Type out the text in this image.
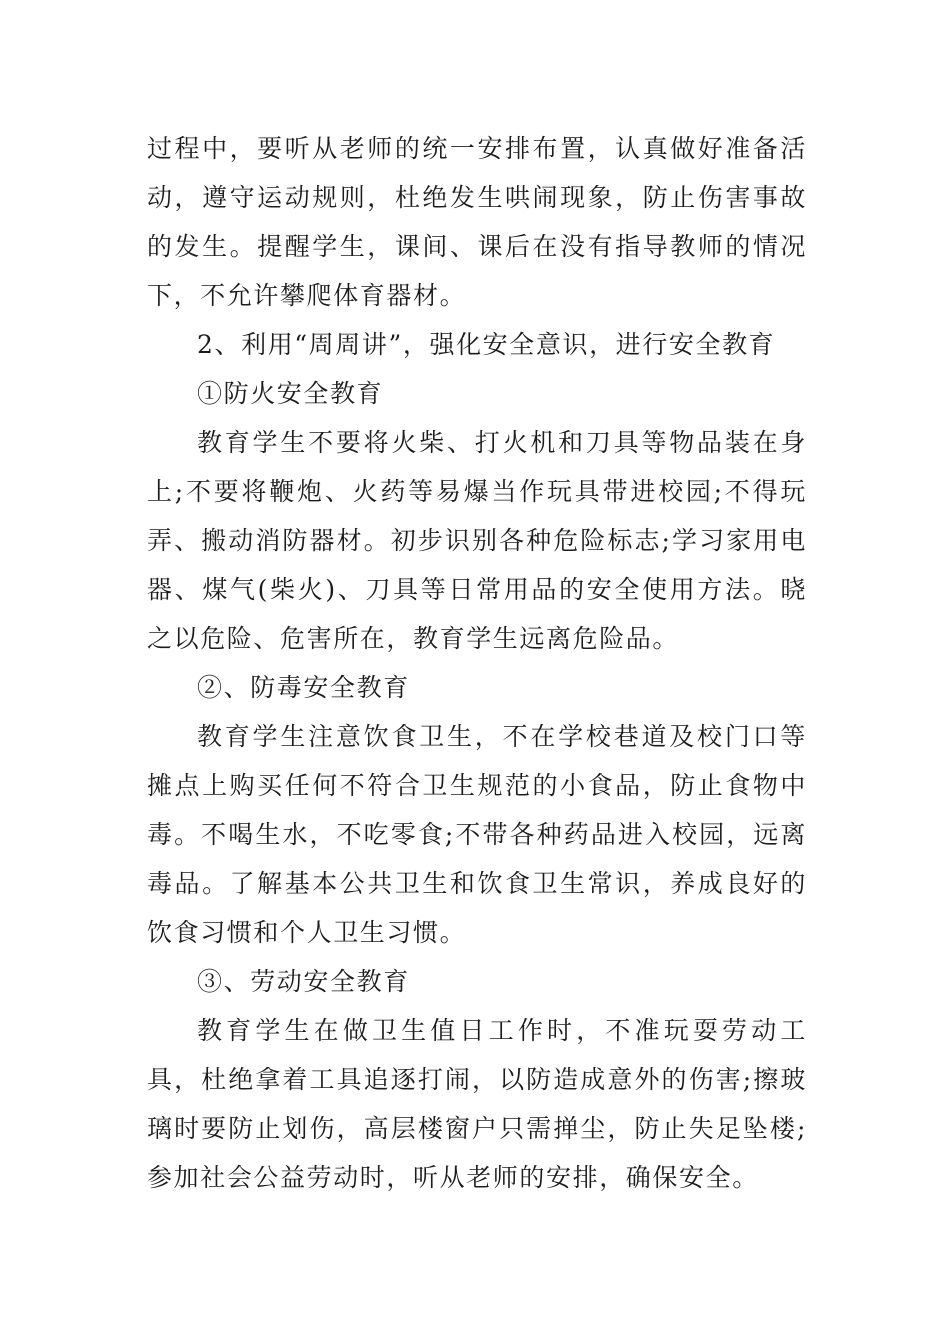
过程中，要听从老师的统一安排布置，认真做好准备活动，遵守运动规则，杜绝发生哄闹现象，防止伤害事故的发生。提醒学生，课间、课后在没有指导教师的情况下，不允许攀爬体育器材。

2、利用“周周讲”，强化安全意识，进行安全教育

①防火安全教育

教育学生不要将火柴、打火机和刀具等物品装在身上;不要将鞭炮、火药等易爆当作玩具带进校园;不得玩弄、搬动消防器材。初步识别各种危险标志;学习家用电器、煤气(柴火)、刀具等日常用品的安全使用方法。晓之以危险、危害所在，教育学生远离危险品。

②、防毒安全教育

教育学生注意饮食卫生，不在学校巷道及校门口等摊点上购买任何不符合卫生规范的小食品，防止食物中毒。不喝生水，不吃零食;不带各种药品进入校园，远离毒品。了解基本公共卫生和饮食卫生常识，养成良好的饮食习惯和个人卫生习惯。

③、劳动安全教育

教育学生在做卫生值日工作时，不准玩耍劳动工具，杜绝拿着工具追逐打闹，以防造成意外的伤害;擦玻璃时要防止划伤，高层楼窗户只需掸尘，防止失足坠楼;参加社会公益劳动时，听从老师的安排，确保安全。
